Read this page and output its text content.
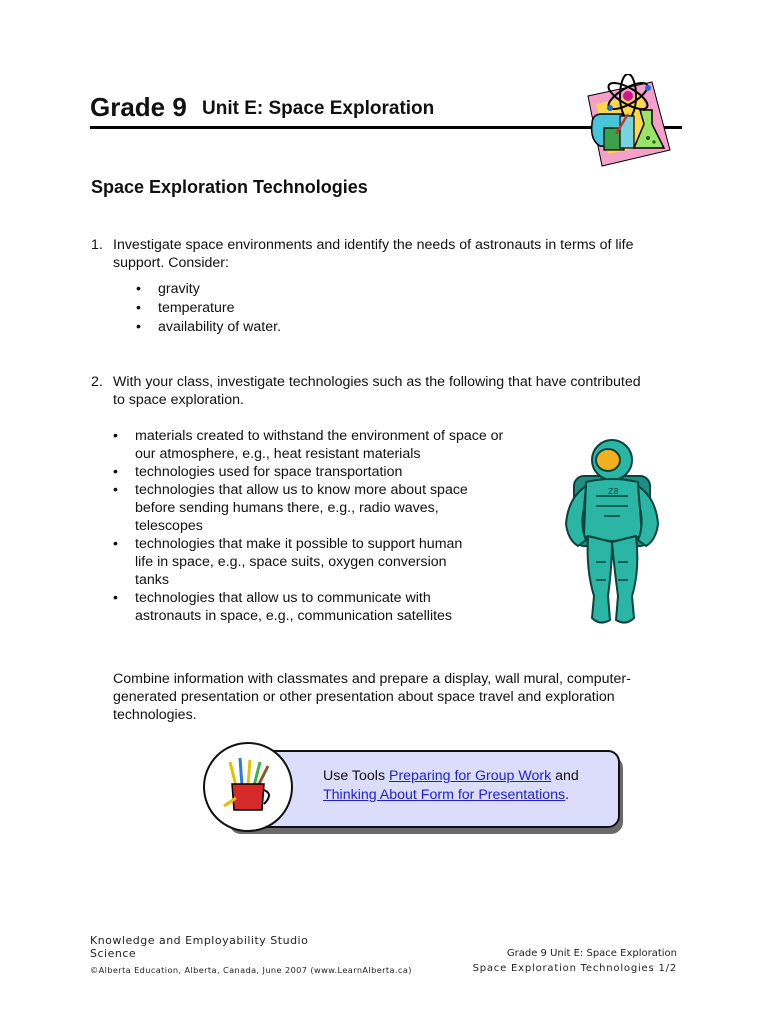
Grade 9 Unit E: Space Exploration
Space Exploration Technologies
1. Investigate space environments and identify the needs of astronauts in terms of life
support. Consider:
• gravity
• temperature
• availability of water.
2. With your class, investigate technologies such as the following that have contributed
to space exploration.
• materials created to withstand the environment of space or
our atmosphere, e.g., heat resistant materials
• technologies used for space transportation
• technologies that allow us to know more about space
before sending humans there, e.g., radio waves,
telescopes
• technologies that make it possible to support human
life in space, e.g., space suits, oxygen conversion
tanks
• technologies that allow us to communicate with
astronauts in space, e.g., communication satellites
Z8
Combine information with classmates and prepare a display, wall mural, computer-
generated presentation or other presentation about space travel and exploration
technologies.
Use Tools Preparing for Group Work and
Thinking About Form for Presentations.
Knowledge and Employability Studio
Science
©Alberta Education, Alberta, Canada, June 2007 (www.LearnAlberta.ca)
Grade 9 Unit E: Space Exploration
Space Exploration Technologies 1/2
